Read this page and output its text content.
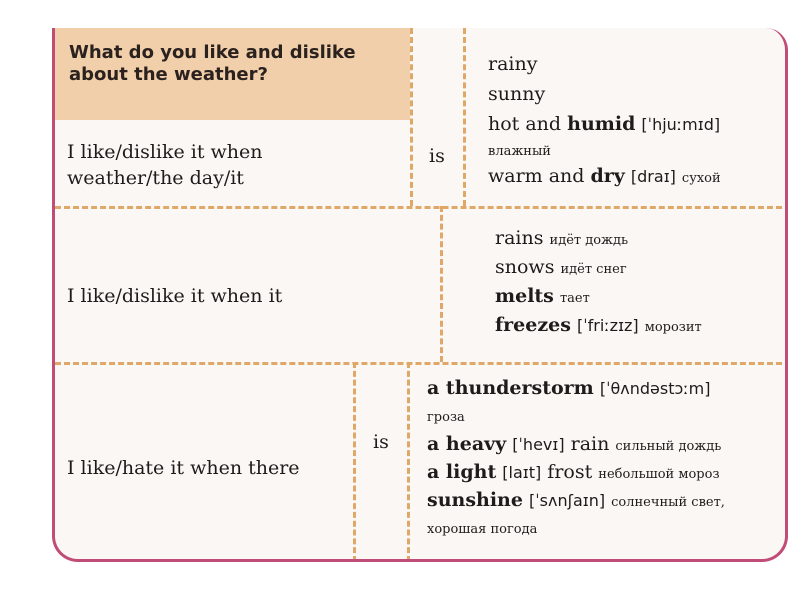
What do you like and dislike about the weather?
I like/dislike it when
weather/the day/it
is
rainy
sunny
hot and humid [ˈhjuːmɪd]
влажный
warm and dry [draɪ] сухой
I like/dislike it when it
rains идёт дождь
snows идёт снег
melts тает
freezes [ˈfriːzɪz] морозит
I like/hate it when there
is
a thunderstorm [ˈθʌndəstɔːm]
гроза
a heavy [ˈhevɪ] rain сильный дождь
a light [laɪt] frost небольшой мороз
sunshine [ˈsʌnʃaɪn] солнечный свет,
хорошая погода
